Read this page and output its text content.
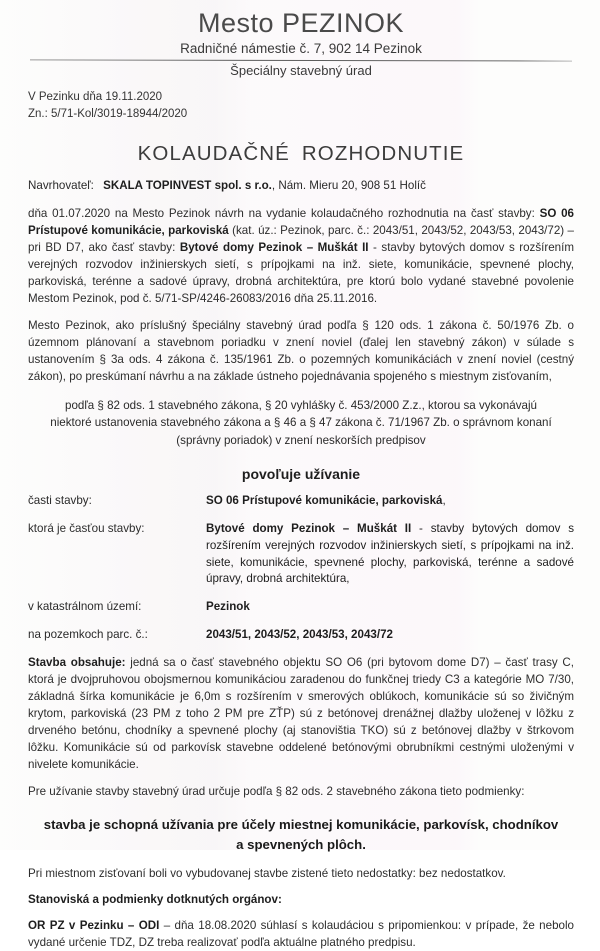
Mesto PEZINOK
Radničné námestie č. 7, 902 14 Pezinok
Špeciálny stavebný úrad
V Pezinku dňa 19.11.2020
Zn.: 5/71-Kol/3019-18944/2020
KOLAUDAČNÉ ROZHODNUTIE
Navrhovateľ: SKALA TOPINVEST spol. s r.o., Nám. Mieru 20, 908 51 Holíč

dňa 01.07.2020 na Mesto Pezinok návrh na vydanie kolaudačného rozhodnutia na časť stavby: SO 06 Prístupové komunikácie, parkoviská (kat. úz.: Pezinok, parc. č.: 2043/51, 2043/52, 2043/53, 2043/72) – pri BD D7, ako časť stavby: Bytové domy Pezinok – Muškát II - stavby bytových domov s rozšírením verejných rozvodov inžinierskych sietí, s prípojkami na inž. siete, komunikácie, spevnené plochy, parkoviská, terénne a sadové úpravy, drobná architektúra, pre ktorú bolo vydané stavebné povolenie Mestom Pezinok, pod č. 5/71-SP/4246-26083/2016 dňa 25.11.2016.

Mesto Pezinok, ako príslušný špeciálny stavebný úrad podľa § 120 ods. 1 zákona č. 50/1976 Zb. o územnom plánovaní a stavebnom poriadku v znení noviel (ďalej len stavebný zákon) v súlade s ustanovením § 3a ods. 4 zákona č. 135/1961 Zb. o pozemných komunikáciách v znení noviel (cestný zákon), po preskúmaní návrhu a na základe ústneho pojednávania spojeného s miestnym zisťovaním,

podľa § 82 ods. 1 stavebného zákona, § 20 vyhlášky č. 453/2000 Z.z., ktorou sa vykonávajú
niektoré ustanovenia stavebného zákona a § 46 a § 47 zákona č. 71/1967 Zb. o správnom konaní
(správny poriadok) v znení neskorších predpisov
povoľuje užívanie
časti stavby:	SO 06 Prístupové komunikácie, parkoviská,
ktorá je časťou stavby:	Bytové domy Pezinok – Muškát II - stavby bytových domov s rozšírením verejných rozvodov inžinierskych sietí, s prípojkami na inž. siete, komunikácie, spevnené plochy, parkoviská, terénne a sadové úpravy, drobná architektúra,
v katastrálnom území:	Pezinok
na pozemkoch parc. č.:	2043/51, 2043/52, 2043/53, 2043/72

Stavba obsahuje: jedná sa o časť stavebného objektu SO O6 (pri bytovom dome D7) – časť trasy C, ktorá je dvojpruhovou obojsmernou komunikáciou zaradenou do funkčnej triedy C3 a kategórie MO 7/30, základná šírka komunikácie je 6,0m s rozšírením v smerových oblúkoch, komunikácie sú so živičným krytom, parkoviská (23 PM z toho 2 PM pre ZŤP) sú z betónovej drenážnej dlažby uloženej v lôžku z drveného betónu, chodníky a spevnené plochy (aj stanovištia TKO) sú z betónovej dlažby v štrkovom lôžku. Komunikácie sú od parkovísk stavebne oddelené betónovými obrubníkmi cestnými uloženými v nivelete komunikácie.

Pre užívanie stavby stavebný úrad určuje podľa § 82 ods. 2 stavebného zákona tieto podmienky:

stavba je schopná užívania pre účely miestnej komunikácie, parkovísk, chodníkov
a spevnených plôch.

Pri miestnom zisťovaní boli vo vybudovanej stavbe zistené tieto nedostatky: bez nedostatkov.

Stanoviská a podmienky dotknutých orgánov:

OR PZ v Pezinku – ODI – dňa 18.08.2020 súhlasí s kolaudáciou s pripomienkou: v prípade, že nebolo vydané určenie TDZ, DZ treba realizovať podľa aktuálne platného predpisu.
